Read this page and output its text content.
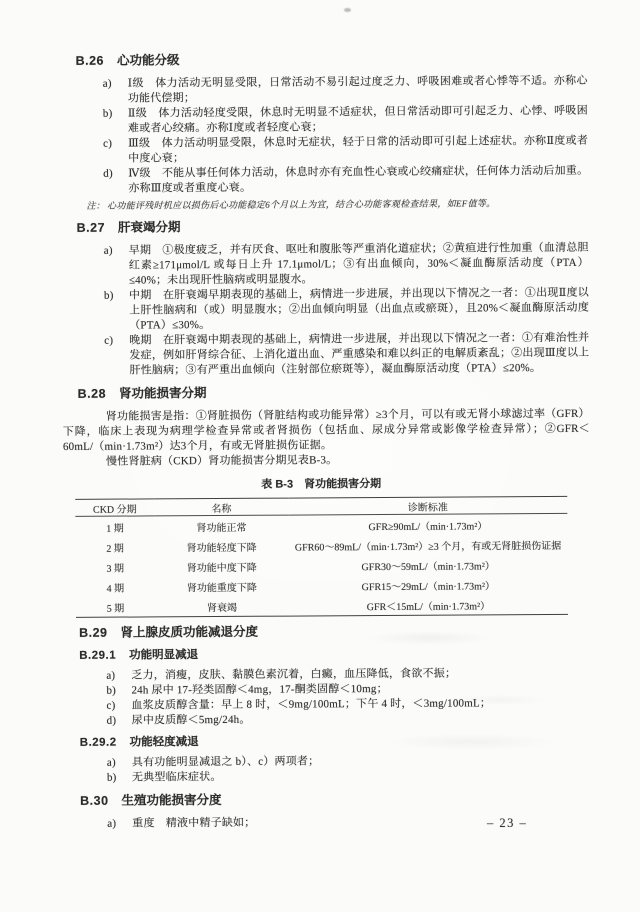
B.26 心功能分级
a)	Ⅰ级　体力活动无明显受限，日常活动不易引起过度乏力、呼吸困难或者心悸等不适。亦称心功能代偿期；
b)	Ⅱ级　体力活动轻度受限，休息时无明显不适症状，但日常活动即可引起乏力、心悸、呼吸困难或者心绞痛。亦称Ⅰ度或者轻度心衰；
c)	Ⅲ级　体力活动明显受限，休息时无症状，轻于日常的活动即可引起上述症状。亦称Ⅱ度或者中度心衰；
d)	Ⅳ级　不能从事任何体力活动，休息时亦有充血性心衰或心绞痛症状，任何体力活动后加重。亦称Ⅲ度或者重度心衰。
注： 心功能评残时机应以损伤后心功能稳定6个月以上为宜，结合心功能客观检查结果，如EF值等。
B.27 肝衰竭分期
a)	早期　①极度疲乏，并有厌食、呕吐和腹胀等严重消化道症状；②黄疸进行性加重（血清总胆红素≥171μmol/L 或每日上升 17.1μmol/L；③有出血倾向，30%＜凝血酶原活动度（PTA）≤40%；未出现肝性脑病或明显腹水。
b)	中期　在肝衰竭早期表现的基础上，病情进一步进展，并出现以下情况之一者：①出现Ⅱ度以上肝性脑病和（或）明显腹水；②出血倾向明显（出血点或瘀斑），且20%＜凝血酶原活动度（PTA）≤30%。
c)	晚期　在肝衰竭中期表现的基础上，病情进一步进展，并出现以下情况之一者：①有难治性并发症，例如肝肾综合征、上消化道出血、严重感染和难以纠正的电解质紊乱；②出现Ⅲ度以上肝性脑病；③有严重出血倾向（注射部位瘀斑等），凝血酶原活动度（PTA）≤20%。
B.28 肾功能损害分期
肾功能损害是指：①肾脏损伤（肾脏结构或功能异常）≥3个月，可以有或无肾小球滤过率（GFR）下降，临床上表现为病理学检查异常或者肾损伤（包括血、尿成分异常或影像学检查异常）；②GFR＜60mL/（min·1.73m²）达3个月，有或无肾脏损伤证据。
慢性肾脏病（CKD）肾功能损害分期见表B-3。
表 B-3　肾功能损害分期
CKD 分期	名称	诊断标准
1 期	肾功能正常	GFR≥90mL/（min·1.73m²）
2 期	肾功能轻度下降	GFR60～89mL/（min·1.73m²）≥3 个月，有或无肾脏损伤证据
3 期	肾功能中度下降	GFR30～59mL/（min·1.73m²）
4 期	肾功能重度下降	GFR15～29mL/（min·1.73m²）
5 期	肾衰竭	GFR＜15mL/（min·1.73m²）
B.29 肾上腺皮质功能减退分度
B.29.1 功能明显减退
a)	乏力，消瘦，皮肤、黏膜色素沉着，白癜，血压降低，食欲不振；
b)	24h 尿中 17-羟类固醇＜4mg，17-酮类固醇＜10mg；
c)	血浆皮质醇含量：早上 8 时，＜9mg/100mL；下午 4 时，＜3mg/100mL；
d)	尿中皮质醇＜5mg/24h。
B.29.2 功能轻度减退
a)	具有功能明显减退之 b）、c）两项者；
b)	无典型临床症状。
B.30 生殖功能损害分度
a)	重度　精液中精子缺如；	– 23 –
